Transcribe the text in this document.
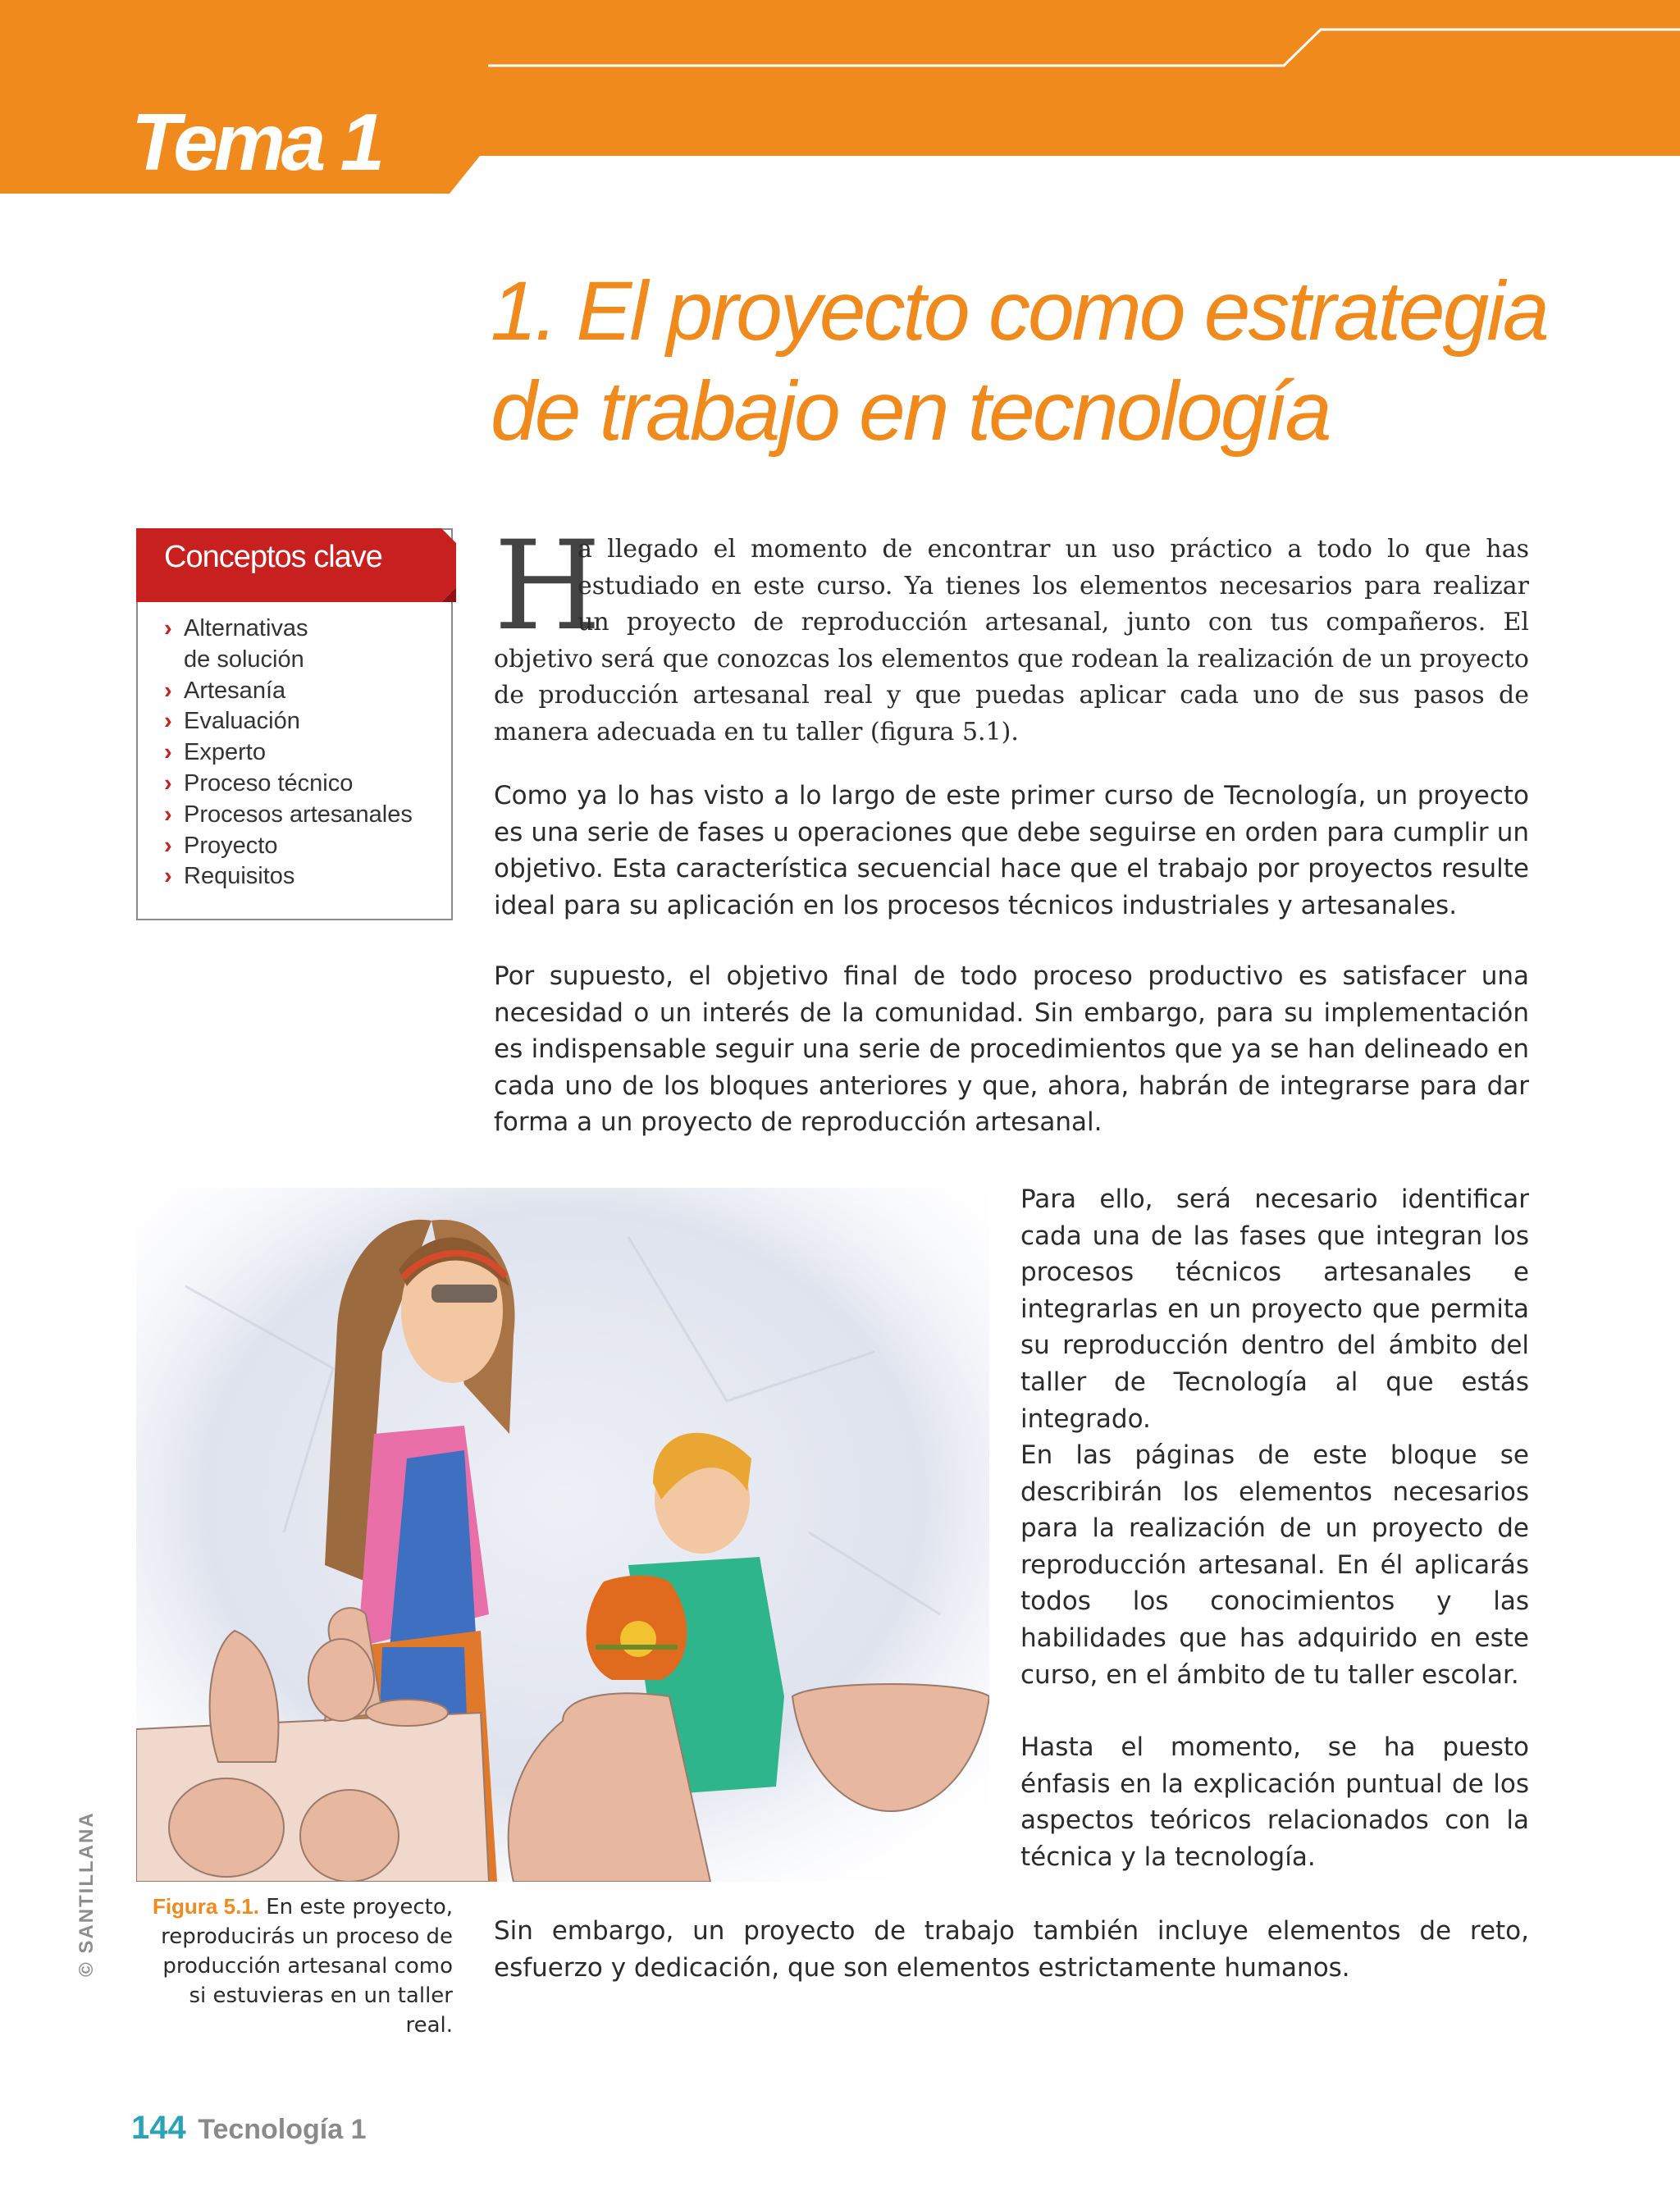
Tema 1
1. El proyecto como estrategia
de trabajo en tecnología
Conceptos clave
› Alternativas de solución
› Artesanía
› Evaluación
› Experto
› Proceso técnico
› Procesos artesanales
› Proyecto
› Requisitos
H

a llegado el momento de encontrar un uso práctico a todo lo que has estudiado en este curso. Ya tienes los elementos necesarios para realizar un proyecto de reproducción artesanal, junto con tus compañeros. El objetivo será que conozcas los elementos que rodean la realización de un proyecto de producción artesanal real y que puedas aplicar cada uno de sus pasos de manera adecuada en tu taller (figura 5.1).

Como ya lo has visto a lo largo de este primer curso de Tecnología, un proyecto es una serie de fases u operaciones que debe seguirse en orden para cumplir un objetivo. Esta característica secuencial hace que el trabajo por proyectos resulte ideal para su aplicación en los procesos técnicos industriales y artesanales.

Por supuesto, el objetivo final de todo proceso productivo es satisfacer una necesidad o un interés de la comunidad. Sin embargo, para su implementación es indispensable seguir una serie de procedimientos que ya se han delineado en cada uno de los bloques anteriores y que, ahora, habrán de integrarse para dar forma a un proyecto de reproducción artesanal.

Para ello, será necesario identificar cada una de las fases que integran los procesos técnicos artesanales e integrarlas en un proyecto que permita su reproducción dentro del ámbito del taller de Tecnología al que estás integrado.

En las páginas de este bloque se describirán los elementos necesarios para la realización de un proyecto de reproducción artesanal. En él aplicarás todos los conocimientos y las habilidades que has adquirido en este curso, en el ámbito de tu taller escolar.

Hasta el momento, se ha puesto énfasis en la explicación puntual de los aspectos teóricos relacionados con la técnica y la tecnología.

Sin embargo, un proyecto de trabajo también incluye elementos de reto, esfuerzo y dedicación, que son elementos estrictamente humanos.

Figura 5.1. En este proyecto, reproducirás un proceso de producción artesanal como si estuvieras en un taller real.
© SANTILLANA
144 Tecnología 1
